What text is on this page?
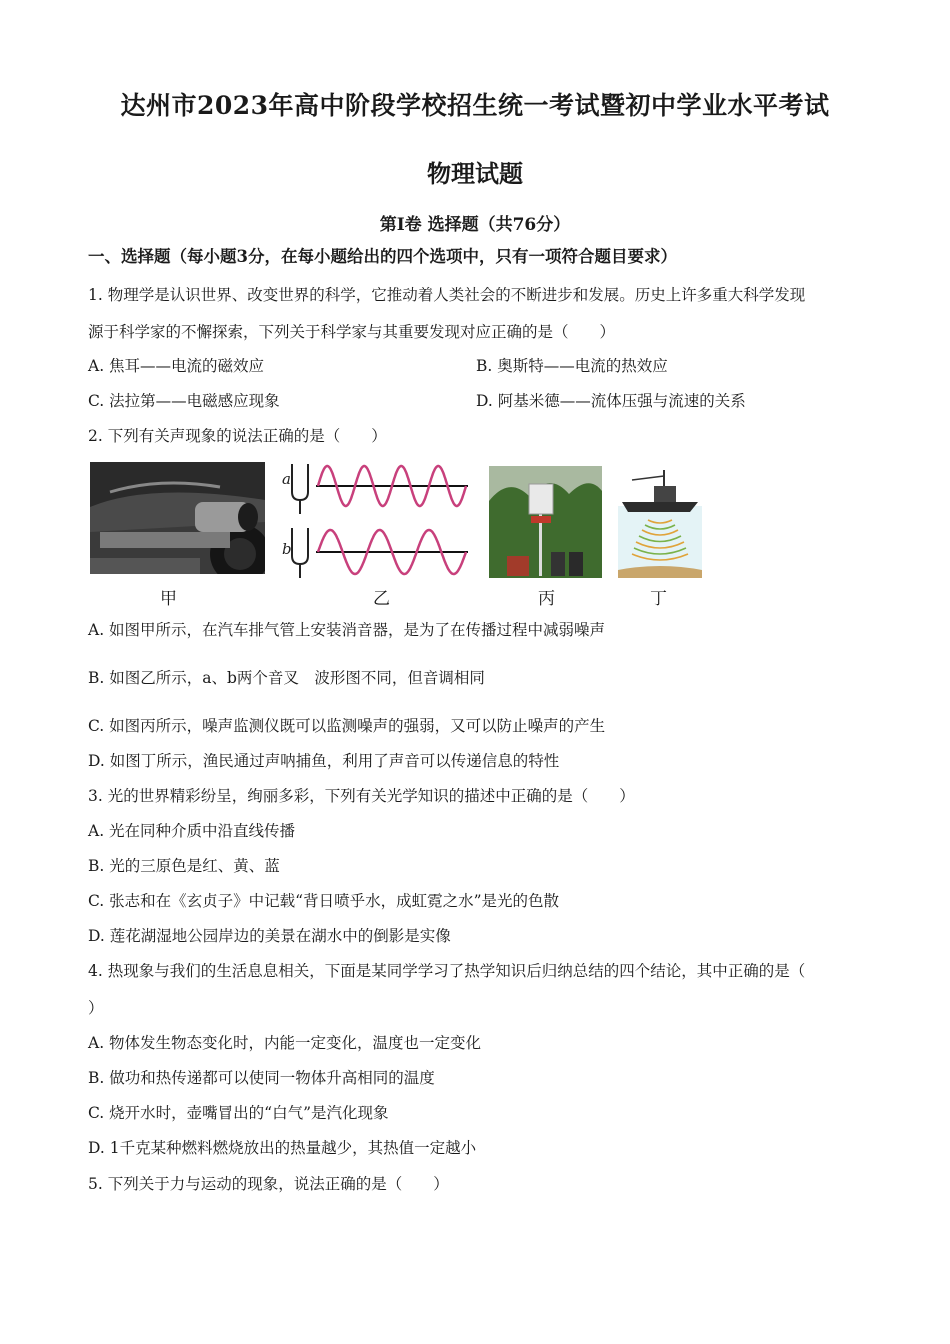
达州市2023年高中阶段学校招生统一考试暨初中学业水平考试
物理试题
第Ⅰ卷 选择题（共76分）
一、选择题（每小题3分，在每小题给出的四个选项中，只有一项符合题目要求）
1. 物理学是认识世界、改变世界的科学，它推动着人类社会的不断进步和发展。历史上许多重大科学发现
源于科学家的不懈探索，下列关于科学家与其重要发现对应正确的是（　　）
A. 焦耳——电流的磁效应	B. 奥斯特——电流的热效应
C. 法拉第——电磁感应现象	D. 阿基米德——流体压强与流速的关系
2. 下列有关声现象的说法正确的是（　　）
a
b
甲	乙	丙	丁
A. 如图甲所示，在汽车排气管上安装消音器，是为了在传播过程中减弱噪声
B. 如图乙所示，a、b两个音叉　波形图不同，但音调相同
C. 如图丙所示，噪声监测仪既可以监测噪声的强弱，又可以防止噪声的产生
D. 如图丁所示，渔民通过声呐捕鱼，利用了声音可以传递信息的特性
3. 光的世界精彩纷呈，绚丽多彩，下列有关光学知识的描述中正确的是（　　）
A. 光在同种介质中沿直线传播
B. 光的三原色是红、黄、蓝
C. 张志和在《玄贞子》中记载“背日喷乎水，成虹霓之水”是光的色散
D. 莲花湖湿地公园岸边的美景在湖水中的倒影是实像
4. 热现象与我们的生活息息相关，下面是某同学学习了热学知识后归纳总结的四个结论，其中正确的是（
）
A. 物体发生物态变化时，内能一定变化，温度也一定变化
B. 做功和热传递都可以使同一物体升高相同的温度
C. 烧开水时，壶嘴冒出的“白气”是汽化现象
D. 1千克某种燃料燃烧放出的热量越少，其热值一定越小
5. 下列关于力与运动的现象，说法正确的是（　　）
